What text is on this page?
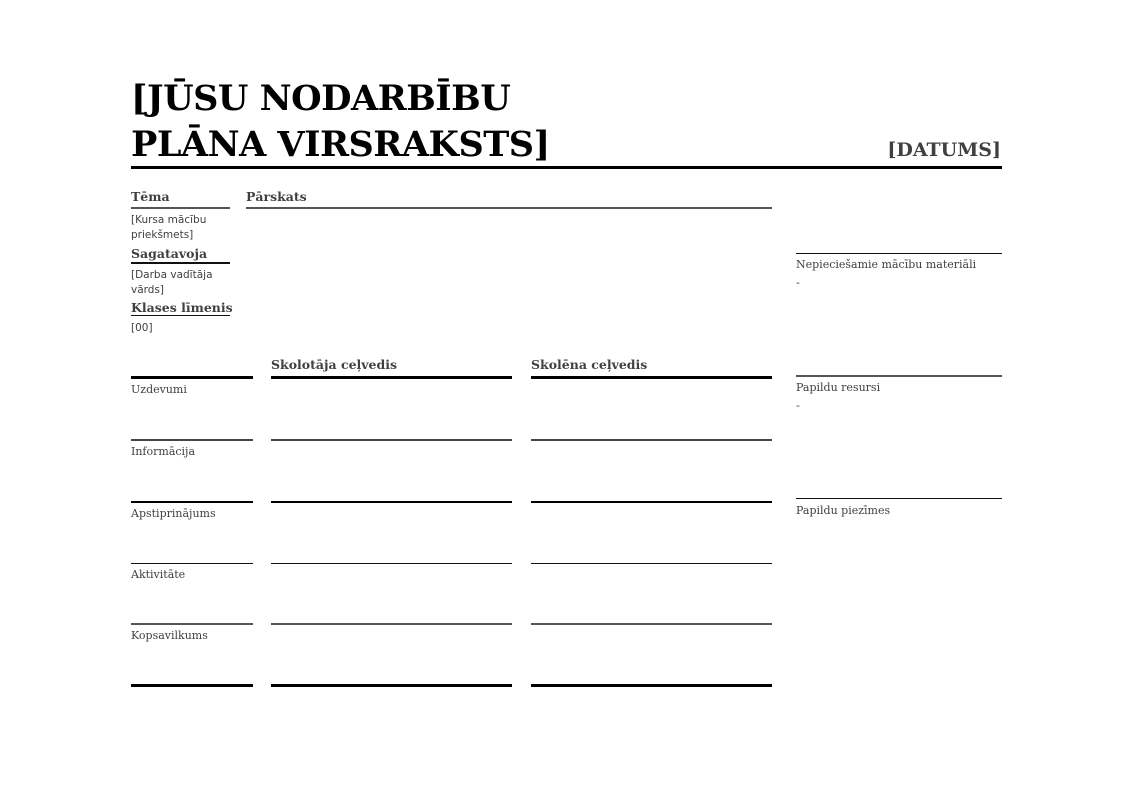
[JŪSU NODARBĪBU
PLĀNA VIRSRAKSTS]	[DATUMS]
Tēma
[Kursa mācību
priekšmets]
Sagatavoja
[Darba vadītāja
vārds]
Klases līmenis
[00]
Pārskats
Skolotāja ceļvedis	Skolēna ceļvedis
Uzdevumi
Informācija
Apstiprinājums
Aktivitāte
Kopsavilkums
Nepieciešamie mācību materiāli
-
Papildu resursi
-
Papildu piezīmes
